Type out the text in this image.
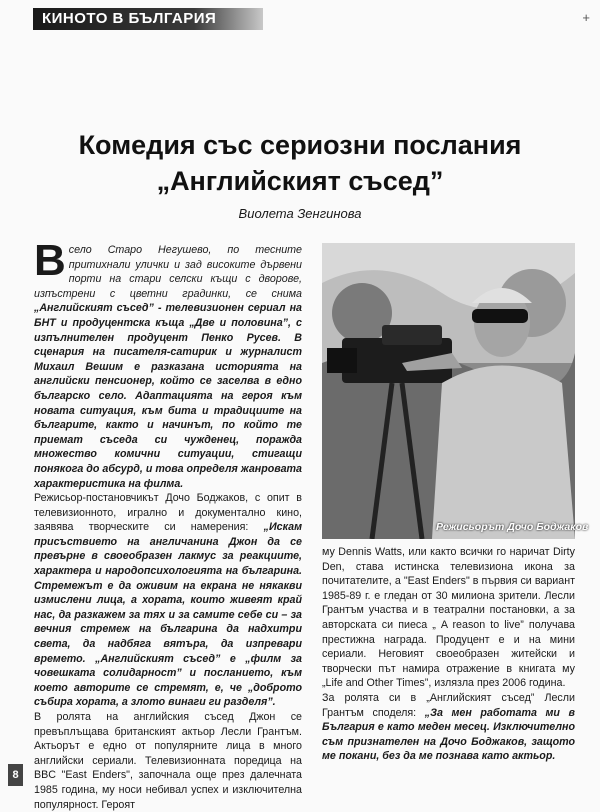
КИНОТО В БЪЛГАРИЯ	+
Комедия със сериозни послания
„Английският съсед”
Виолета Зенгинова

Всело Старо Негушево, по тесните притихнали улички и зад високите дървени порти на стари селски къщи с дворове, изпъстрени с цветни градинки, се снима „Английският съсед” - телевизионен сериал на БНТ и продуцентска къща „Две и половина”, с изпълнителен продуцент Пенко Русев. В сценария на писателя-сатирик и журналист Михаил Вешим е разказана историята на английски пенсионер, който се заселва в едно българско село. Адаптацията на героя към новата ситуация, към бита и традициите на българите, както и начинът, по който те приемат съседа си чужденец, поражда множество комични ситуации, стигащи понякога до абсурд, и това определя жанровата характеристика на филма.

Режисьор-постановчикът Дочо Боджаков, с опит в телевизионното, игрално и документално кино, заявява творческите си намерения: „Искам присъствието на англичанина Джон да се превърне в своеобразен лакмус за реакциите, характера и народопсихологията на българина. Стремежът е да оживим на екрана не някакви измислени лица, а хората, които живеят край нас, да разкажем за тях и за самите себе си – за вечния стремеж на българина да надхитри света, да надбяга вятъра, да изпревари времето. „Английският съсед” е „филм за човешката солидарност” и посланието, към което авторите се стремят, е, че „доброто събира хората, а злото винаги ги разделя”.

В ролята на английския съсед Джон се превъплъщава британският актьор Лесли Грантъм. Актьорът е едно от популярните лица в много английски сериали. Телевизионната поредица на BBC "East Enders", започнала още през далечната 1985 година, му носи небивал успех и изключителна популярност. Героят

Режисьорът Дочо Боджаков

му Dennis Watts, или както всички го наричат Dirty Den, става истинска телевизиона икона за почитателите, а "East Enders" в първия си вариант 1985-89 г. е гледан от 30 милиона зрители. Лесли Грантъм участва и в театрални постановки, а за авторската си пиеса „ A reason to live” получава престижна награда. Продуцент е и на мини сериали. Неговият своеобразен житейски и творчески път намира отражение в книгата му „Life and Other Times”, излязла през 2006 година.

За ролята си в „Английският съсед” Лесли Грантъм споделя: „За мен работата ми в България е като меден месец. Изключително съм признателен на Дочо Боджаков, защото ме покани, без да ме познава като актьор.

8
